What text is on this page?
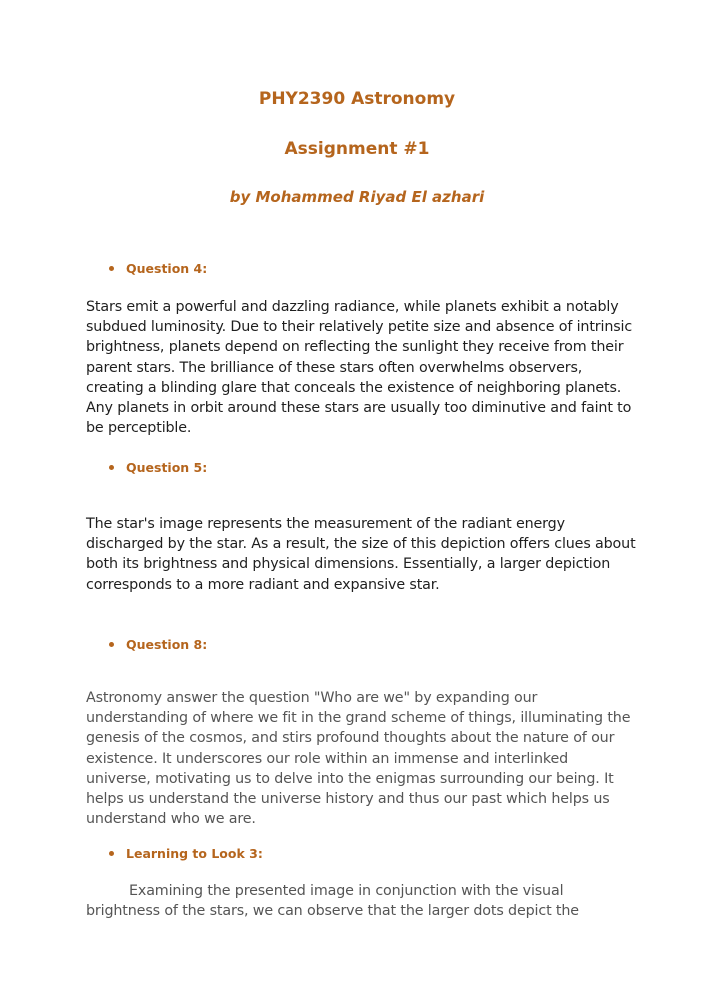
PHY2390 Astronomy
Assignment #1
by Mohammed Riyad El azhari
Question 4:
Stars emit a powerful and dazzling radiance, while planets exhibit a notably subdued luminosity. Due to their relatively petite size and absence of intrinsic brightness, planets depend on reflecting the sunlight they receive from their parent stars. The brilliance of these stars often overwhelms observers, creating a blinding glare that conceals the existence of neighboring planets. Any planets in orbit around these stars are usually too diminutive and faint to be perceptible.
Question 5:
The star's image represents the measurement of the radiant energy discharged by the star. As a result, the size of this depiction offers clues about both its brightness and physical dimensions. Essentially, a larger depiction corresponds to a more radiant and expansive star.
Question 8:
Astronomy answer the question "Who are we" by expanding our understanding of where we fit in the grand scheme of things, illuminating the genesis of the cosmos, and stirs profound thoughts about the nature of our existence. It underscores our role within an immense and interlinked universe, motivating us to delve into the enigmas surrounding our being. It helps us understand the universe history and thus our past which helps us understand who we are.
Learning to Look 3:
Examining the presented image in conjunction with the visual brightness of the stars, we can observe that the larger dots depict the
